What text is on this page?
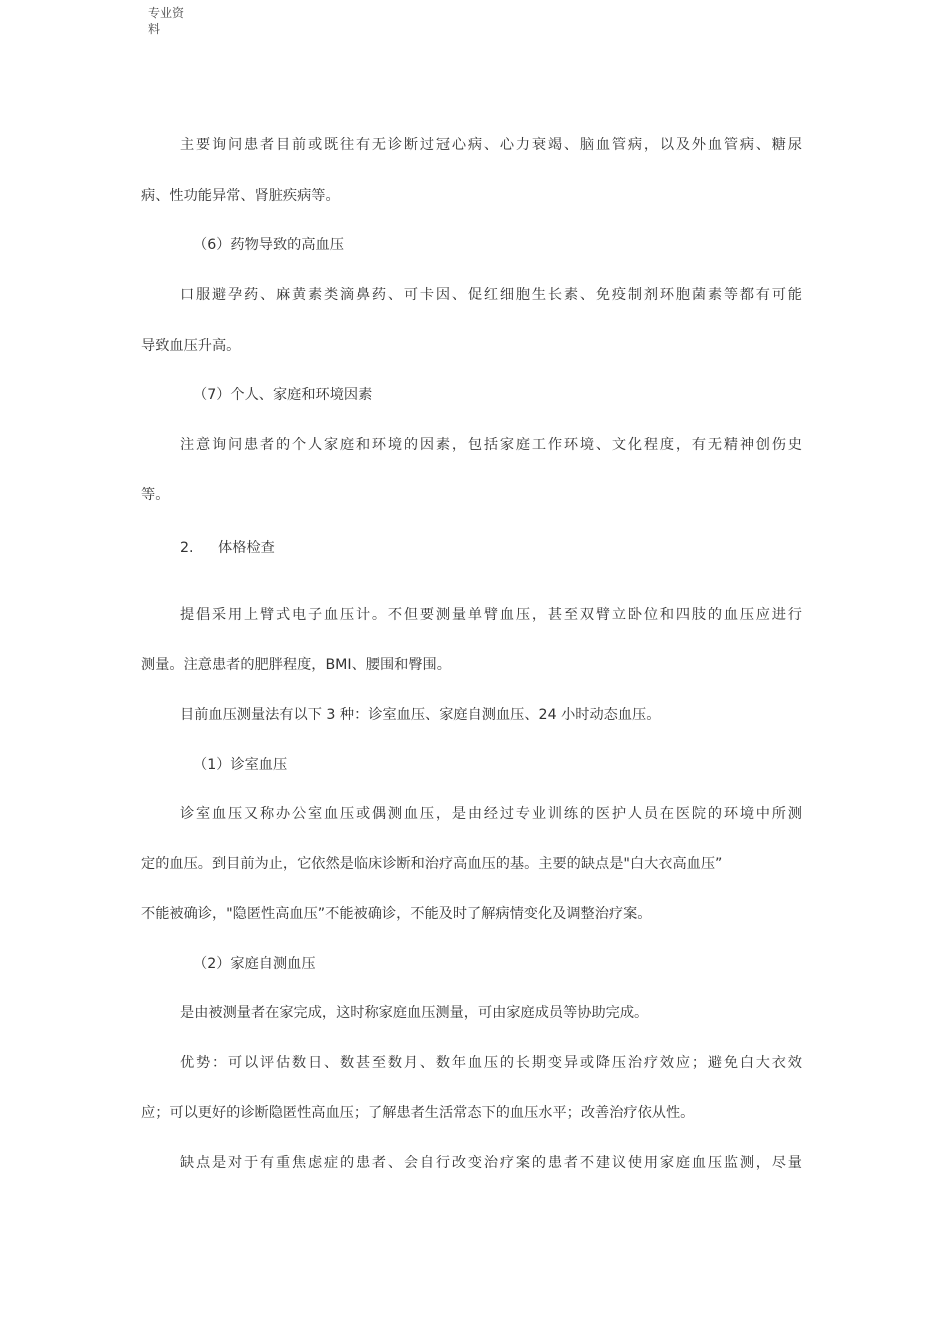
专业资
料
主要询问患者目前或既往有无诊断过冠心病、心力衰竭、脑血管病，以及外血管病、糖尿
病、性功能异常、肾脏疾病等。
（6）药物导致的高血压
口服避孕药、麻黄素类滴鼻药、可卡因、促红细胞生长素、免疫制剂环胞菌素等都有可能
导致血压升高。
（7）个人、家庭和环境因素
注意询问患者的个人家庭和环境的因素，包括家庭工作环境、文化程度，有无精神创伤史
等。
2. 体格检查
提倡采用上臂式电子血压计。不但要测量单臂血压，甚至双臂立卧位和四肢的血压应进行
测量。注意患者的肥胖程度，BMI、腰围和臀围。
目前血压测量法有以下 3 种：诊室血压、家庭自测血压、24 小时动态血压。
（1）诊室血压
诊室血压又称办公室血压或偶测血压，是由经过专业训练的医护人员在医院的环境中所测
定的血压。到目前为止，它依然是临床诊断和治疗高血压的基。主要的缺点是"白大衣高血压”
不能被确诊，"隐匿性高血压”不能被确诊，不能及时了解病情变化及调整治疗案。
（2）家庭自测血压
是由被测量者在家完成，这时称家庭血压测量，可由家庭成员等协助完成。
优势：可以评估数日、数甚至数月、数年血压的长期变异或降压治疗效应；避免白大衣效
应；可以更好的诊断隐匿性高血压；了解患者生活常态下的血压水平；改善治疗依从性。
缺点是对于有重焦虑症的患者、会自行改变治疗案的患者不建议使用家庭血压监测，尽量
